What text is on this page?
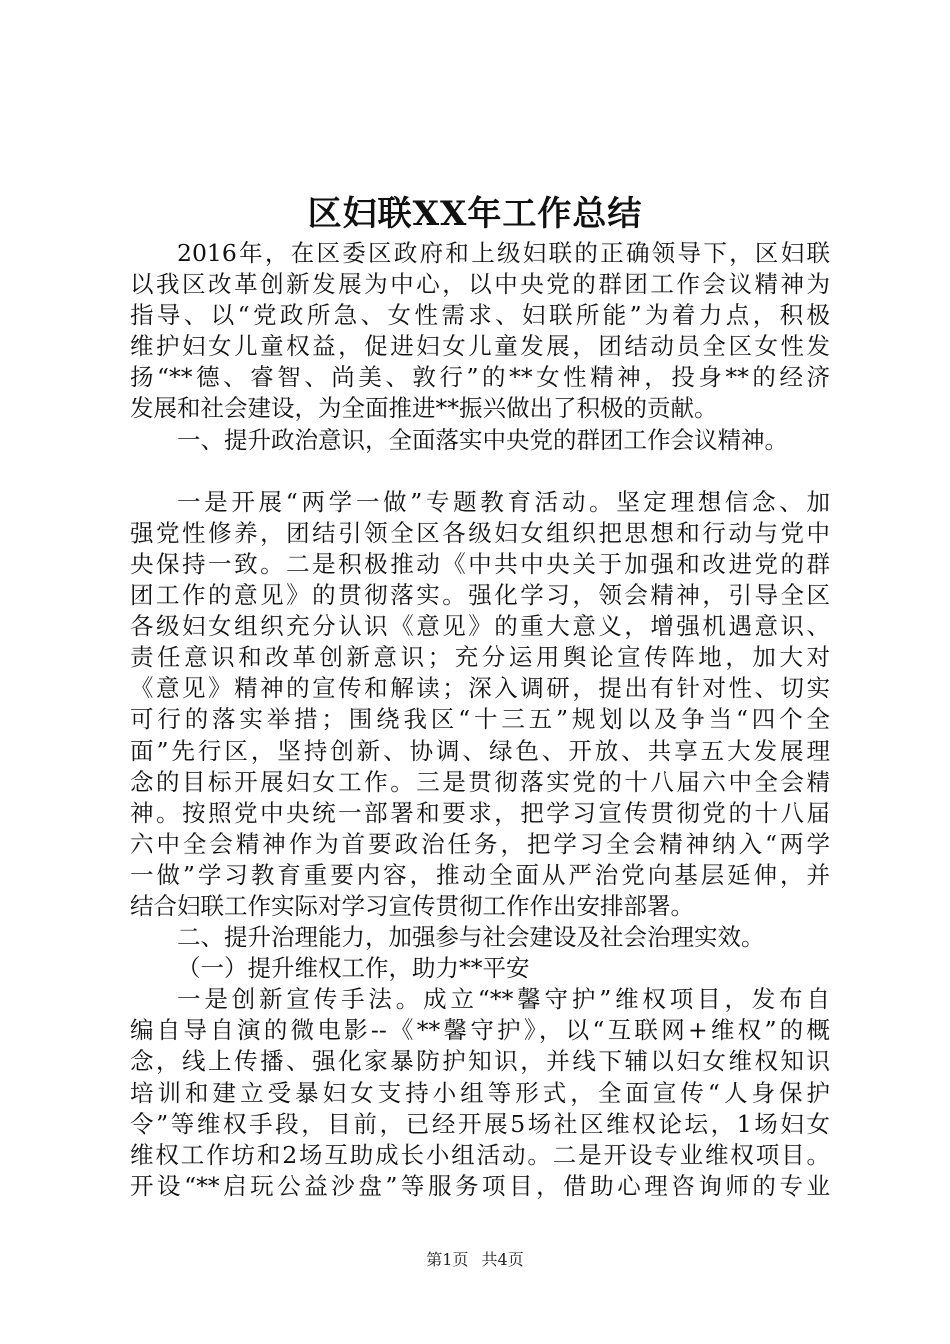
区妇联XX年工作总结
2016年，在区委区政府和上级妇联的正确领导下，区妇联
以我区改革创新发展为中心，以中央党的群团工作会议精神为
指导、以“党政所急、女性需求、妇联所能”为着力点，积极
维护妇女儿童权益，促进妇女儿童发展，团结动员全区女性发
扬“**德、睿智、尚美、敦行”的**女性精神，投身**的经济
发展和社会建设，为全面推进**振兴做出了积极的贡献。
一、提升政治意识，全面落实中央党的群团工作会议精神。
一是开展“两学一做”专题教育活动。坚定理想信念、加
强党性修养，团结引领全区各级妇女组织把思想和行动与党中
央保持一致。二是积极推动《中共中央关于加强和改进党的群
团工作的意见》的贯彻落实。强化学习，领会精神，引导全区
各级妇女组织充分认识《意见》的重大意义，增强机遇意识、
责任意识和改革创新意识；充分运用舆论宣传阵地，加大对
《意见》精神的宣传和解读；深入调研，提出有针对性、切实
可行的落实举措；围绕我区“十三五”规划以及争当“四个全
面”先行区，坚持创新、协调、绿色、开放、共享五大发展理
念的目标开展妇女工作。三是贯彻落实党的十八届六中全会精
神。按照党中央统一部署和要求，把学习宣传贯彻党的十八届
六中全会精神作为首要政治任务，把学习全会精神纳入“两学
一做”学习教育重要内容，推动全面从严治党向基层延伸，并
结合妇联工作实际对学习宣传贯彻工作作出安排部署。
二、提升治理能力，加强参与社会建设及社会治理实效。
（一）提升维权工作，助力**平安
一是创新宣传手法。成立“**馨守护”维权项目，发布自
编自导自演的微电影--《**馨守护》，以“互联网+维权”的概
念，线上传播、强化家暴防护知识，并线下辅以妇女维权知识
培训和建立受暴妇女支持小组等形式，全面宣传“人身保护
令”等维权手段，目前，已经开展5场社区维权论坛，1场妇女
维权工作坊和2场互助成长小组活动。二是开设专业维权项目。
开设“**启玩公益沙盘”等服务项目，借助心理咨询师的专业
第1页 共4页
